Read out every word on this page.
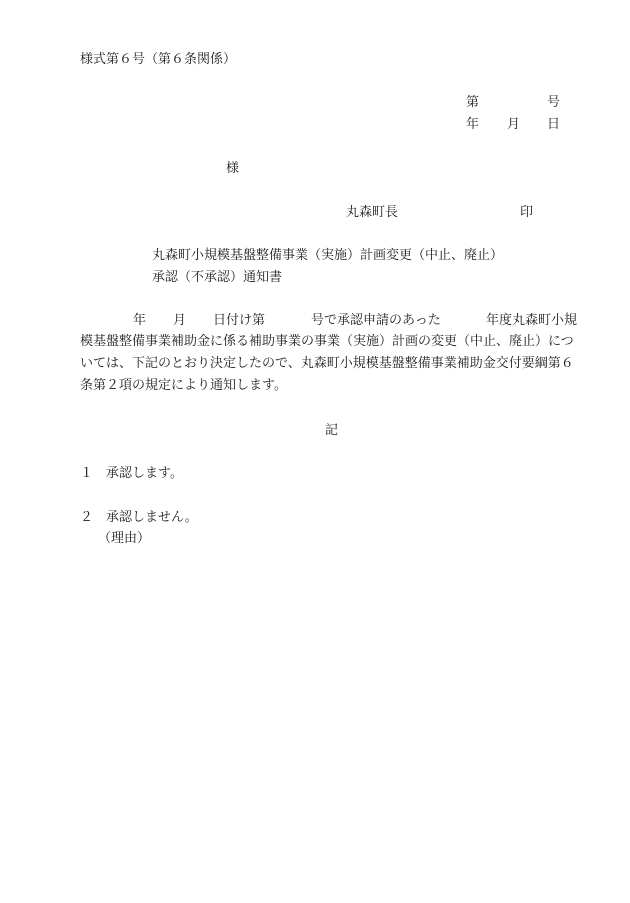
様式第６号（第６条関係）
第	号
年 月 日
様
丸森町長	印
丸森町小規模基盤整備事業（実施）計画変更（中止、廃止）
承認（不承認）通知書
年 月 日付け第	号で承認申請のあった	年度丸森町小規
模基盤整備事業補助金に係る補助事業の事業（実施）計画の変更（中止、廃止）につ
いては、下記のとおり決定したので、丸森町小規模基盤整備事業補助金交付要綱第６
条第２項の規定により通知します。
記
１ 承認します。
２ 承認しません。
（理由）
